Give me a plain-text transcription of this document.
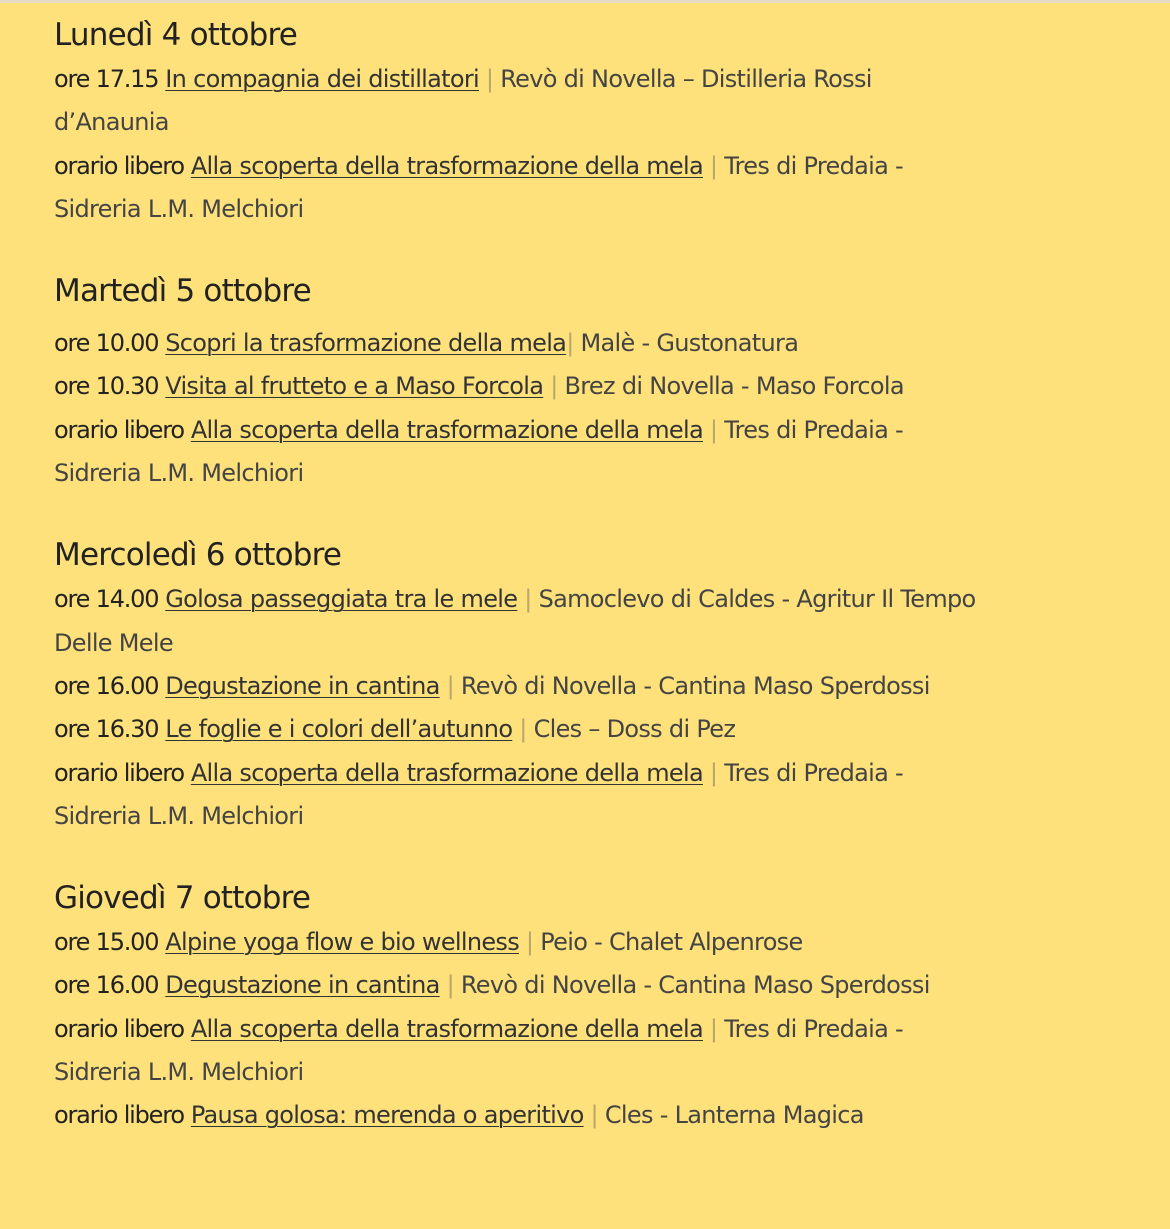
Lunedì 4 ottobre
ore 17.15 In compagnia dei distillatori | Revò di Novella – Distilleria Rossi d’Anaunia
orario libero Alla scoperta della trasformazione della mela | Tres di Predaia - Sidreria L.M. Melchiori
Martedì 5 ottobre
ore 10.00 Scopri la trasformazione della mela| Malè - Gustonatura
ore 10.30 Visita al frutteto e a Maso Forcola | Brez di Novella - Maso Forcola
orario libero Alla scoperta della trasformazione della mela | Tres di Predaia - Sidreria L.M. Melchiori
Mercoledì 6 ottobre
ore 14.00 Golosa passeggiata tra le mele | Samoclevo di Caldes - Agritur Il Tempo Delle Mele
ore 16.00 Degustazione in cantina | Revò di Novella - Cantina Maso Sperdossi
ore 16.30 Le foglie e i colori dell’autunno | Cles – Doss di Pez
orario libero Alla scoperta della trasformazione della mela | Tres di Predaia - Sidreria L.M. Melchiori
Giovedì 7 ottobre
ore 15.00 Alpine yoga flow e bio wellness | Peio - Chalet Alpenrose
ore 16.00 Degustazione in cantina | Revò di Novella - Cantina Maso Sperdossi
orario libero Alla scoperta della trasformazione della mela | Tres di Predaia - Sidreria L.M. Melchiori
orario libero Pausa golosa: merenda o aperitivo | Cles - Lanterna Magica
